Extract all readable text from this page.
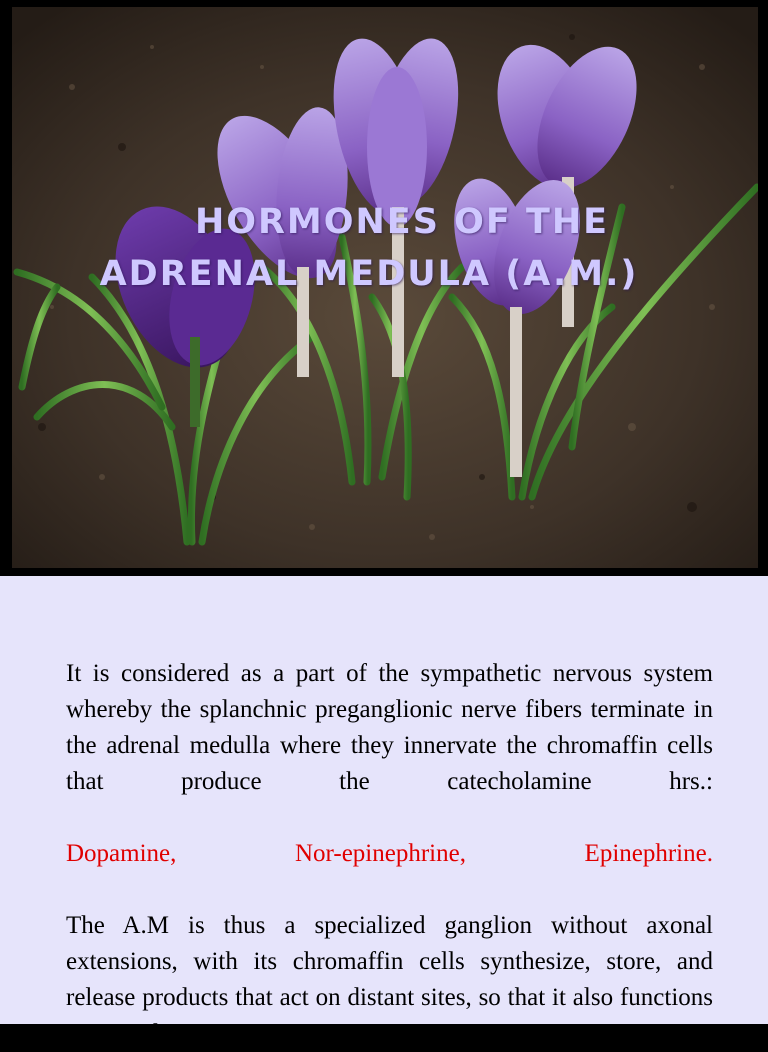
HORMONES OF THE
ADRENAL MEDULA (A.M.)
It is considered as a part of the sympathetic nervous system
whereby the splanchnic preganglionic nerve fibers terminate in
the adrenal medulla where they innervate the chromaffin cells
that produce the catecholamine hrs.:
Dopamine,	Nor-epinephrine,	Epinephrine.
The A.M is thus a specialized ganglion without axonal extensions, with its chromaffin cells synthesize, store, and release products that act on distant sites, so that it also functions as an endocrine organ.
